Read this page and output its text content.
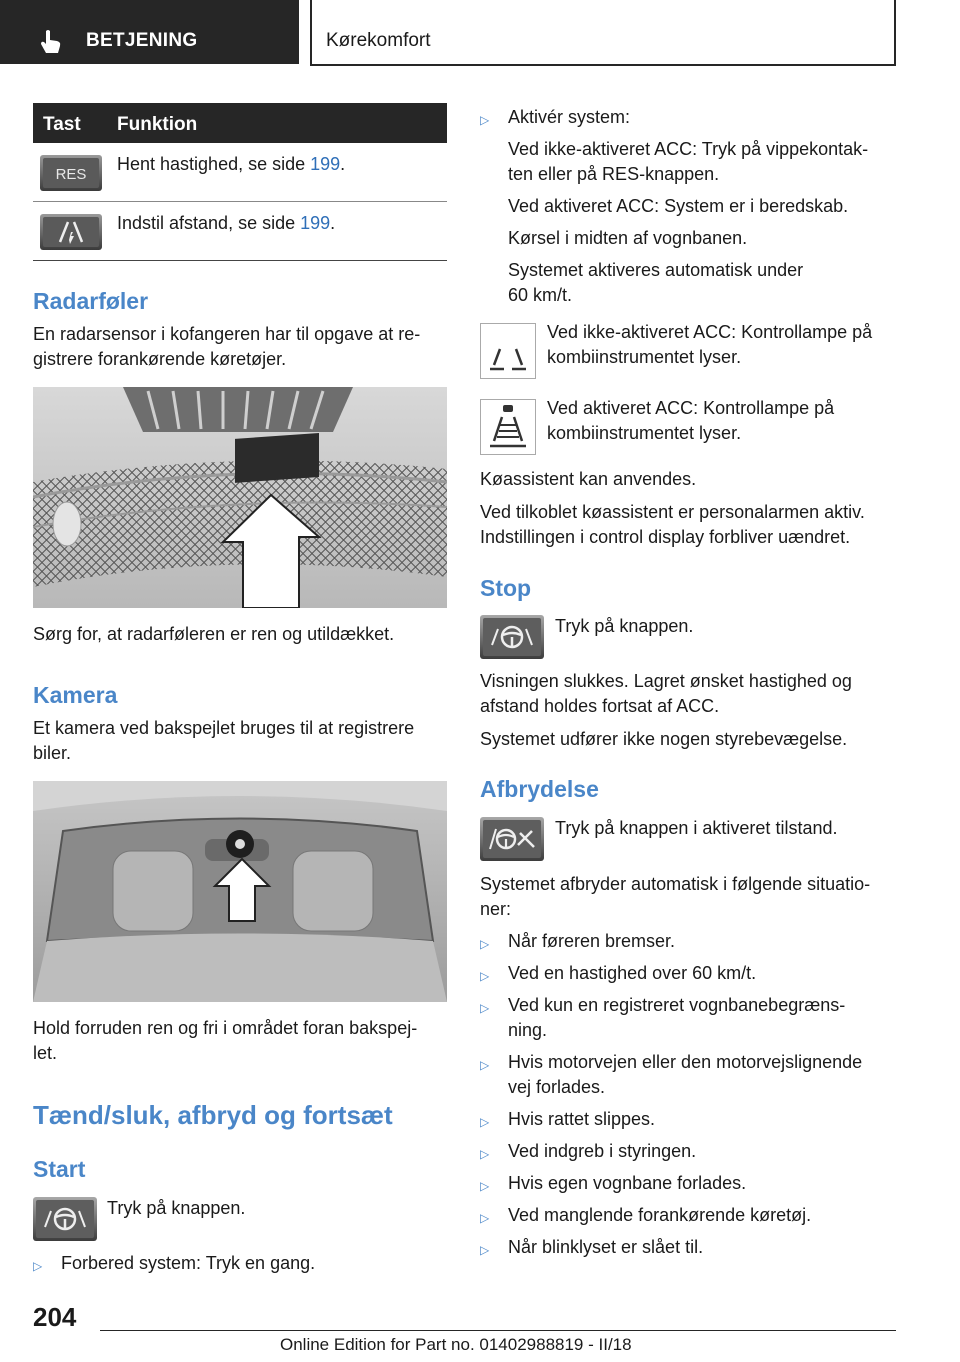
BETJENING	Kørekomfort
Tast Funktion
RES
Hent hastighed, se side 199.
Indstil afstand, se side 199.
Radarføler
En radarsensor i kofangeren har til opgave at re‐
gistrere forankørende køretøjer.
Sørg for, at radarføleren er ren og utildækket.
Kamera
Et kamera ved bakspejlet bruges til at registrere
biler.
Hold forruden ren og fri i området foran bakspej‐
let.
Tænd/sluk, afbryd og fortsæt
Start
Tryk på knappen.
▷ Forbered system: Tryk en gang.
▷ Aktivér system:
Ved ikke-aktiveret ACC: Tryk på vippekontak‐
ten eller på RES-knappen.
Ved aktiveret ACC: System er i beredskab.
Kørsel i midten af vognbanen.
Systemet aktiveres automatisk under
60 km/t.
Ved ikke-aktiveret ACC: Kontrollampe på
kombiinstrumentet lyser.
Ved aktiveret ACC: Kontrollampe på
kombiinstrumentet lyser.
Køassistent kan anvendes.
Ved tilkoblet køassistent er personalarmen aktiv.
Indstillingen i control display forbliver uændret.
Stop
Tryk på knappen.
Visningen slukkes. Lagret ønsket hastighed og
afstand holdes fortsat af ACC.
Systemet udfører ikke nogen styrebevægelse.
Afbrydelse
Tryk på knappen i aktiveret tilstand.
Systemet afbryder automatisk i følgende situatio‐
ner:
▷ Når føreren bremser.
▷ Ved en hastighed over 60 km/t.
▷ Ved kun en registreret vognbanebegræns‐
ning.
▷ Hvis motorvejen eller den motorvejslignende
vej forlades.
▷ Hvis rattet slippes.
▷ Ved indgreb i styringen.
▷ Hvis egen vognbane forlades.
▷ Ved manglende forankørende køretøj.
▷ Når blinklyset er slået til.
204
Online Edition for Part no. 01402988819 - II/18
